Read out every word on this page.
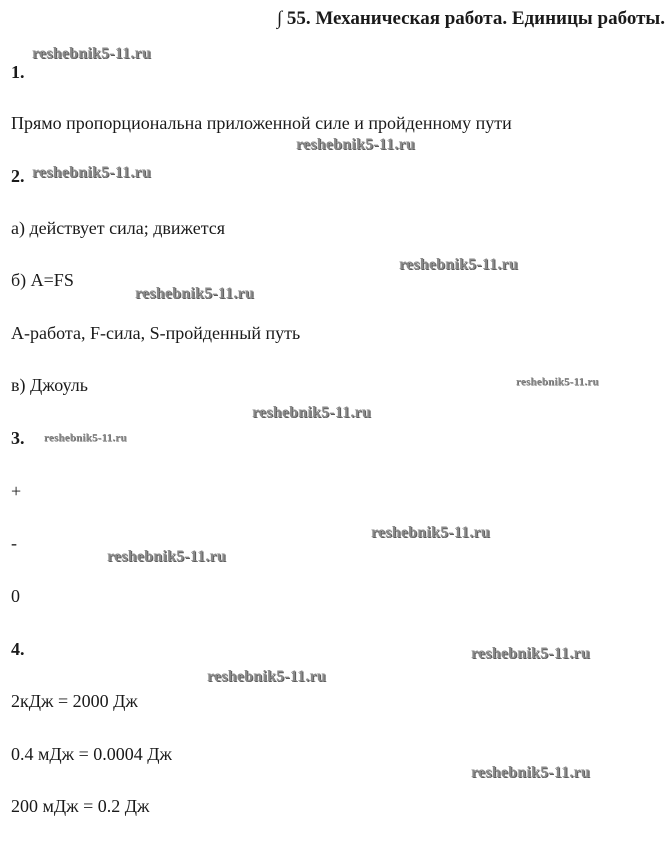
∫ 55. Механическая работа. Единицы работы.
1.
Прямо пропорциональна приложенной силе и пройденному пути
2.
а) действует сила; движется
б) А=FS
А-работа, F-сила, S-пройденный путь
в) Джоуль
3.
+
-
0
4.
2кДж = 2000 Дж
0.4 мДж = 0.0004 Дж
200 мДж = 0.2 Дж
reshebnik5-11.ru
reshebnik5-11.ru
reshebnik5-11.ru
reshebnik5-11.ru
reshebnik5-11.ru
reshebnik5-11.ru
reshebnik5-11.ru
reshebnik5-11.ru
reshebnik5-11.ru
reshebnik5-11.ru
reshebnik5-11.ru
reshebnik5-11.ru
reshebnik5-11.ru
